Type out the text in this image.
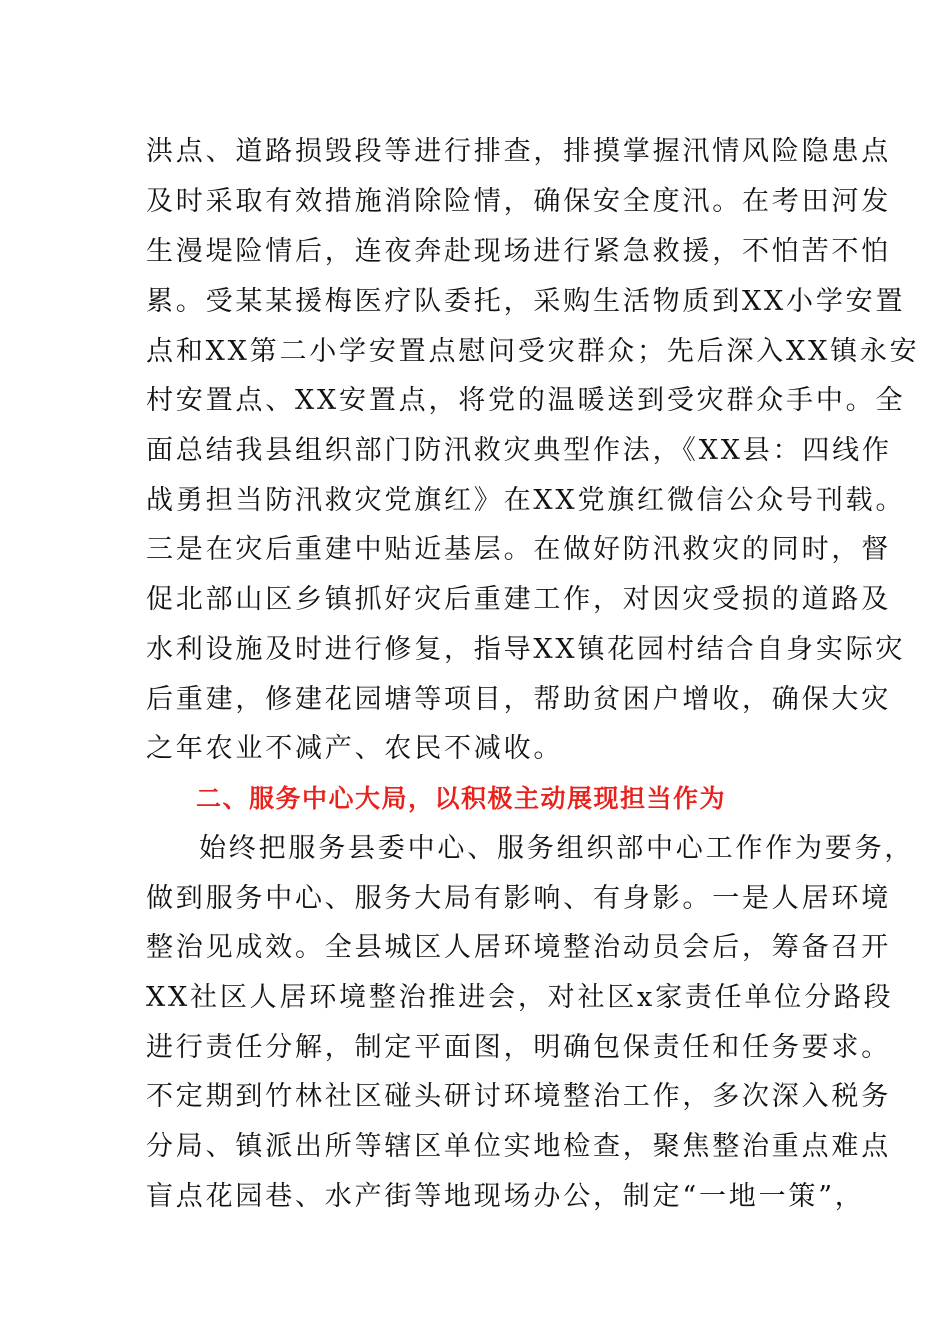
洪点、道路损毁段等进行排查，排摸掌握汛情风险隐患点
及时采取有效措施消除险情，确保安全度汛。在考田河发
生漫堤险情后，连夜奔赴现场进行紧急救援，不怕苦不怕
累。受某某援梅医疗队委托，采购生活物质到XX小学安置
点和XX第二小学安置点慰问受灾群众；先后深入XX镇永安
村安置点、XX安置点，将党的温暖送到受灾群众手中。全
面总结我县组织部门防汛救灾典型作法，《XX县：四线作
战勇担当防汛救灾党旗红》在XX党旗红微信公众号刊载。
三是在灾后重建中贴近基层。在做好防汛救灾的同时，督
促北部山区乡镇抓好灾后重建工作，对因灾受损的道路及
水利设施及时进行修复，指导XX镇花园村结合自身实际灾
后重建，修建花园塘等项目，帮助贫困户增收，确保大灾
之年农业不减产、农民不减收。
二、服务中心大局，以积极主动展现担当作为
始终把服务县委中心、服务组织部中心工作作为要务，
做到服务中心、服务大局有影响、有身影。一是人居环境
整治见成效。全县城区人居环境整治动员会后，筹备召开
XX社区人居环境整治推进会，对社区x家责任单位分路段
进行责任分解，制定平面图，明确包保责任和任务要求。
不定期到竹林社区碰头研讨环境整治工作，多次深入税务
分局、镇派出所等辖区单位实地检查，聚焦整治重点难点
盲点花园巷、水产街等地现场办公，制定“一地一策”，
